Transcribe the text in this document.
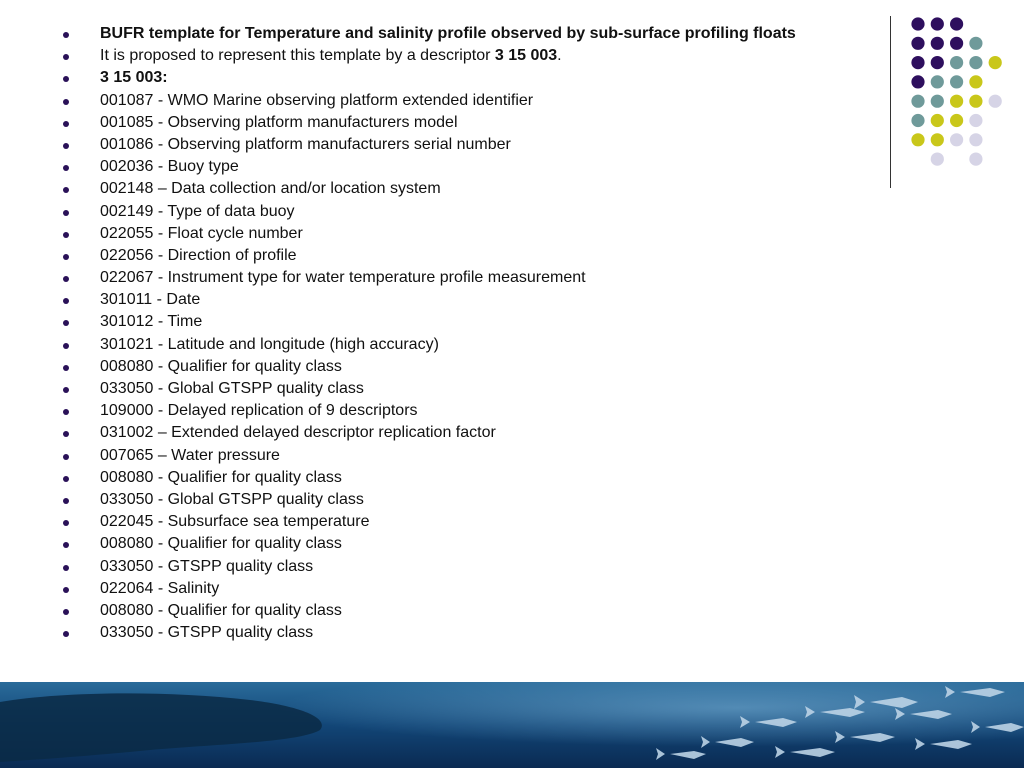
BUFR template for Temperature and salinity profile observed by sub-surface profiling floats
It is proposed to represent this template by a descriptor 3 15 003.
3 15 003:
001087 - WMO Marine observing platform extended identifier
001085 - Observing platform manufacturers model
001086 - Observing platform manufacturers serial number
002036 - Buoy type
002148 – Data collection and/or location system
002149 - Type of data buoy
022055 - Float cycle number
022056 - Direction of profile
022067 - Instrument type for water temperature profile measurement
301011 - Date
301012 - Time
301021 - Latitude and longitude (high accuracy)
008080 - Qualifier for quality class
033050 - Global GTSPP quality class
109000 - Delayed replication of 9 descriptors
031002 – Extended delayed descriptor replication factor
007065 – Water pressure
008080 - Qualifier for quality class
033050 - Global GTSPP quality class
022045 - Subsurface sea temperature
008080 - Qualifier for quality class
033050 - GTSPP quality class
022064 - Salinity
008080 - Qualifier for quality class
033050 - GTSPP quality class
